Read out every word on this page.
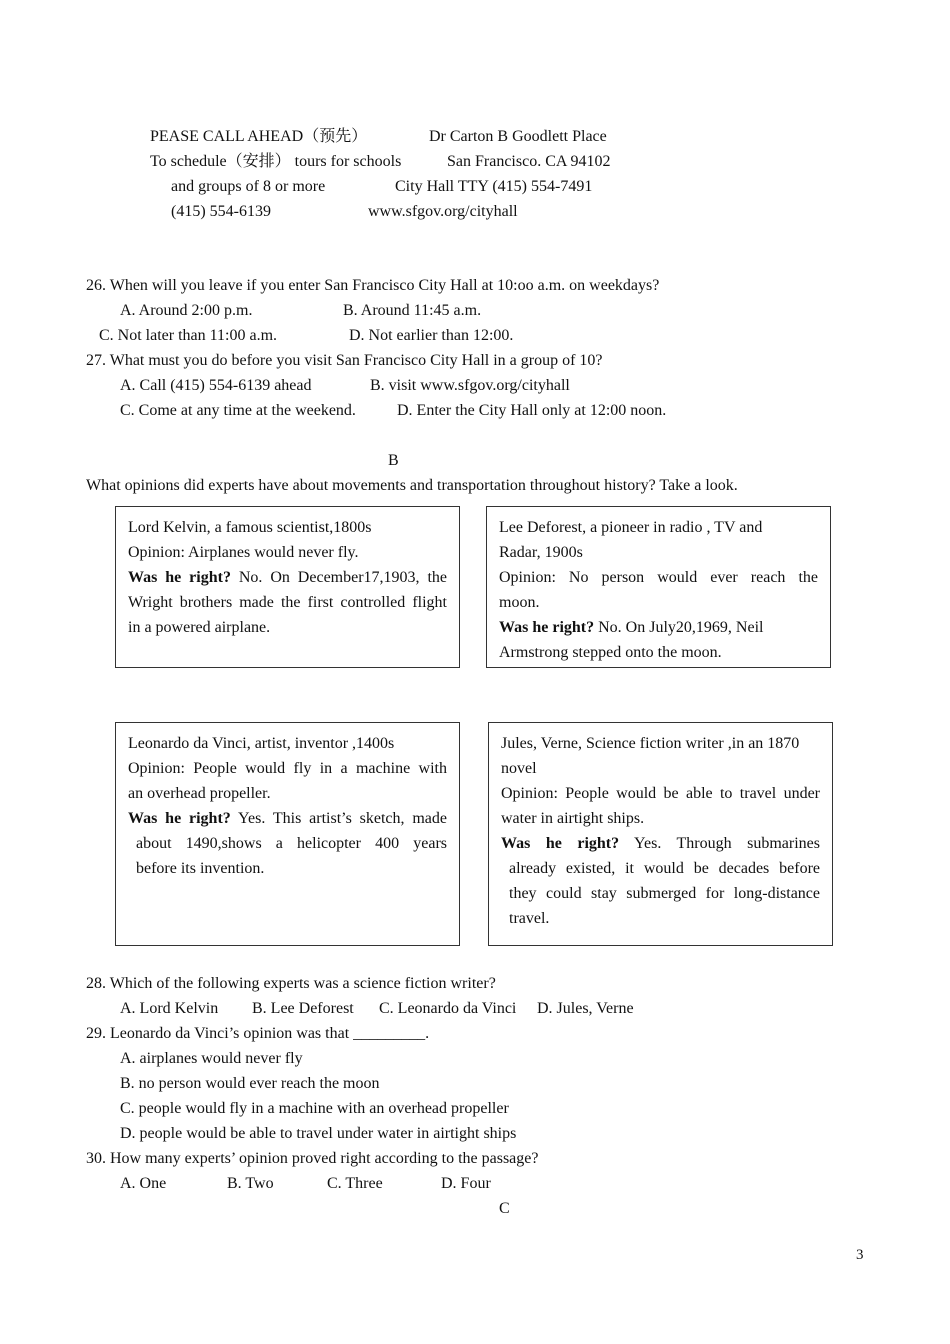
PEASE CALL AHEAD（预先）	Dr Carton B Goodlett Place
To schedule（安排） tours for schools	San Francisco. CA 94102
and groups of 8 or more	City Hall TTY (415) 554-7491
(415) 554-6139	www.sfgov.org/cityhall
26. When will you leave if you enter San Francisco City Hall at 10:oo a.m. on weekdays?
A. Around 2:00 p.m.	B. Around 11:45 a.m.
C. Not later than 11:00 a.m.	D. Not earlier than 12:00.
27. What must you do before you visit San Francisco City Hall in a group of 10?
A. Call (415) 554-6139 ahead	B. visit www.sfgov.org/cityhall
C. Come at any time at the weekend.	D. Enter the City Hall only at 12:00 noon.
B
What opinions did experts have about movements and transportation throughout history? Take a look.
Lord Kelvin, a famous scientist,1800s
Opinion: Airplanes would never fly.
Was he right? No. On December17,1903, the
Wright brothers made the first controlled flight
in a powered airplane.
Lee Deforest, a pioneer in radio , TV and
Radar, 1900s
Opinion: No person would ever reach the
moon.
Was he right? No. On July20,1969, Neil
Armstrong stepped onto the moon.
Leonardo da Vinci, artist, inventor ,1400s
Opinion: People would fly in a machine with
an overhead propeller.
Was he right? Yes. This artist’s sketch, made
about 1490,shows a helicopter 400 years
before its invention.
Jules, Verne, Science fiction writer ,in an 1870
novel
Opinion: People would be able to travel under
water in airtight ships.
Was he right? Yes. Through submarines
already existed, it would be decades before
they could stay submerged for long-distance
travel.
28. Which of the following experts was a science fiction writer?
A. Lord Kelvin B. Lee Deforest C. Leonardo da Vinci D. Jules, Verne
29. Leonardo da Vinci’s opinion was that _________.
A. airplanes would never fly
B. no person would ever reach the moon
C. people would fly in a machine with an overhead propeller
D. people would be able to travel under water in airtight ships
30. How many experts’ opinion proved right according to the passage?
A. One	B. Two	C. Three	D. Four
C
3
